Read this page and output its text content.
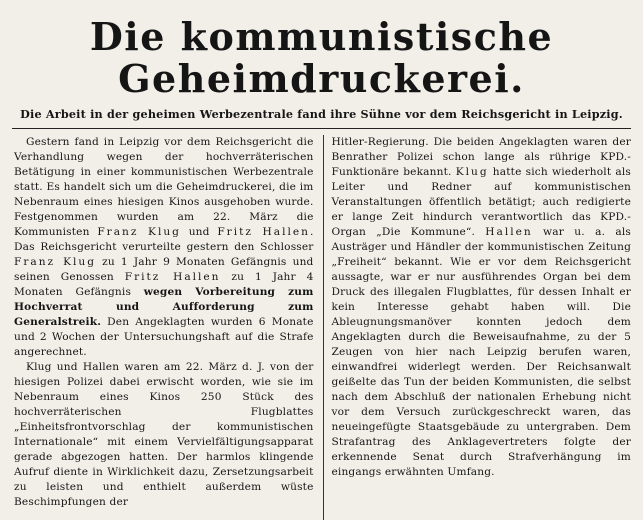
Die kommunistische Geheimdruckerei.
Die Arbeit in der geheimen Werbezentrale fand ihre Sühne vor dem Reichsgericht in Leipzig.

Gestern fand in Leipzig vor dem Reichsgericht die Verhandlung wegen der hochverräterischen Betätigung in einer kommunistischen Werbezentrale statt. Es handelt sich um die Geheimdruckerei, die im Nebenraum eines hiesigen Kinos ausgehoben wurde. Festgenommen wurden am 22. März die Kommunisten Franz Klug und Fritz Hallen. Das Reichsgericht verurteilte gestern den Schlosser Franz Klug zu 1 Jahr 9 Monaten Gefängnis und seinen Genossen Fritz Hallen zu 1 Jahr 4 Monaten Gefängnis wegen Vorbereitung zum Hochverrat und Aufforderung zum Generalstreik. Den Angeklagten wurden 6 Monate und 2 Wochen der Untersuchungshaft auf die Strafe angerechnet.

Klug und Hallen waren am 22. März d. J. von der hiesigen Polizei dabei erwischt worden, wie sie im Nebenraum eines Kinos 250 Stück des hochverräterischen Flugblattes „Einheitsfrontvorschlag der kommunistischen Internationale“ mit einem Vervielfältigungsapparat gerade abgezogen hatten. Der harmlos klingende Aufruf diente in Wirklichkeit dazu, Zersetzungsarbeit zu leisten und enthielt außerdem wüste Beschimpfungen der

Hitler-Regierung. Die beiden Angeklagten waren der Benrather Polizei schon lange als rührige KPD.-Funktionäre bekannt. Klug hatte sich wiederholt als Leiter und Redner auf kommunistischen Veranstaltungen öffentlich betätigt; auch redigierte er lange Zeit hindurch verantwortlich das KPD.-Organ „Die Kommune“. Hallen war u. a. als Austräger und Händler der kommunistischen Zeitung „Freiheit“ bekannt. Wie er vor dem Reichsgericht aussagte, war er nur ausführendes Organ bei dem Druck des illegalen Flugblattes, für dessen Inhalt er kein Interesse gehabt haben will. Die Ableugnungsmanöver konnten jedoch dem Angeklagten durch die Beweisaufnahme, zu der 5 Zeugen von hier nach Leipzig berufen waren, einwandfrei widerlegt werden. Der Reichsanwalt geißelte das Tun der beiden Kommunisten, die selbst nach dem Abschluß der nationalen Erhebung nicht vor dem Versuch zurückgeschreckt waren, das neueingefügte Staatsgebäude zu untergraben. Dem Strafantrag des Anklagevertreters folgte der erkennende Senat durch Strafverhängung im eingangs erwähnten Umfang.
